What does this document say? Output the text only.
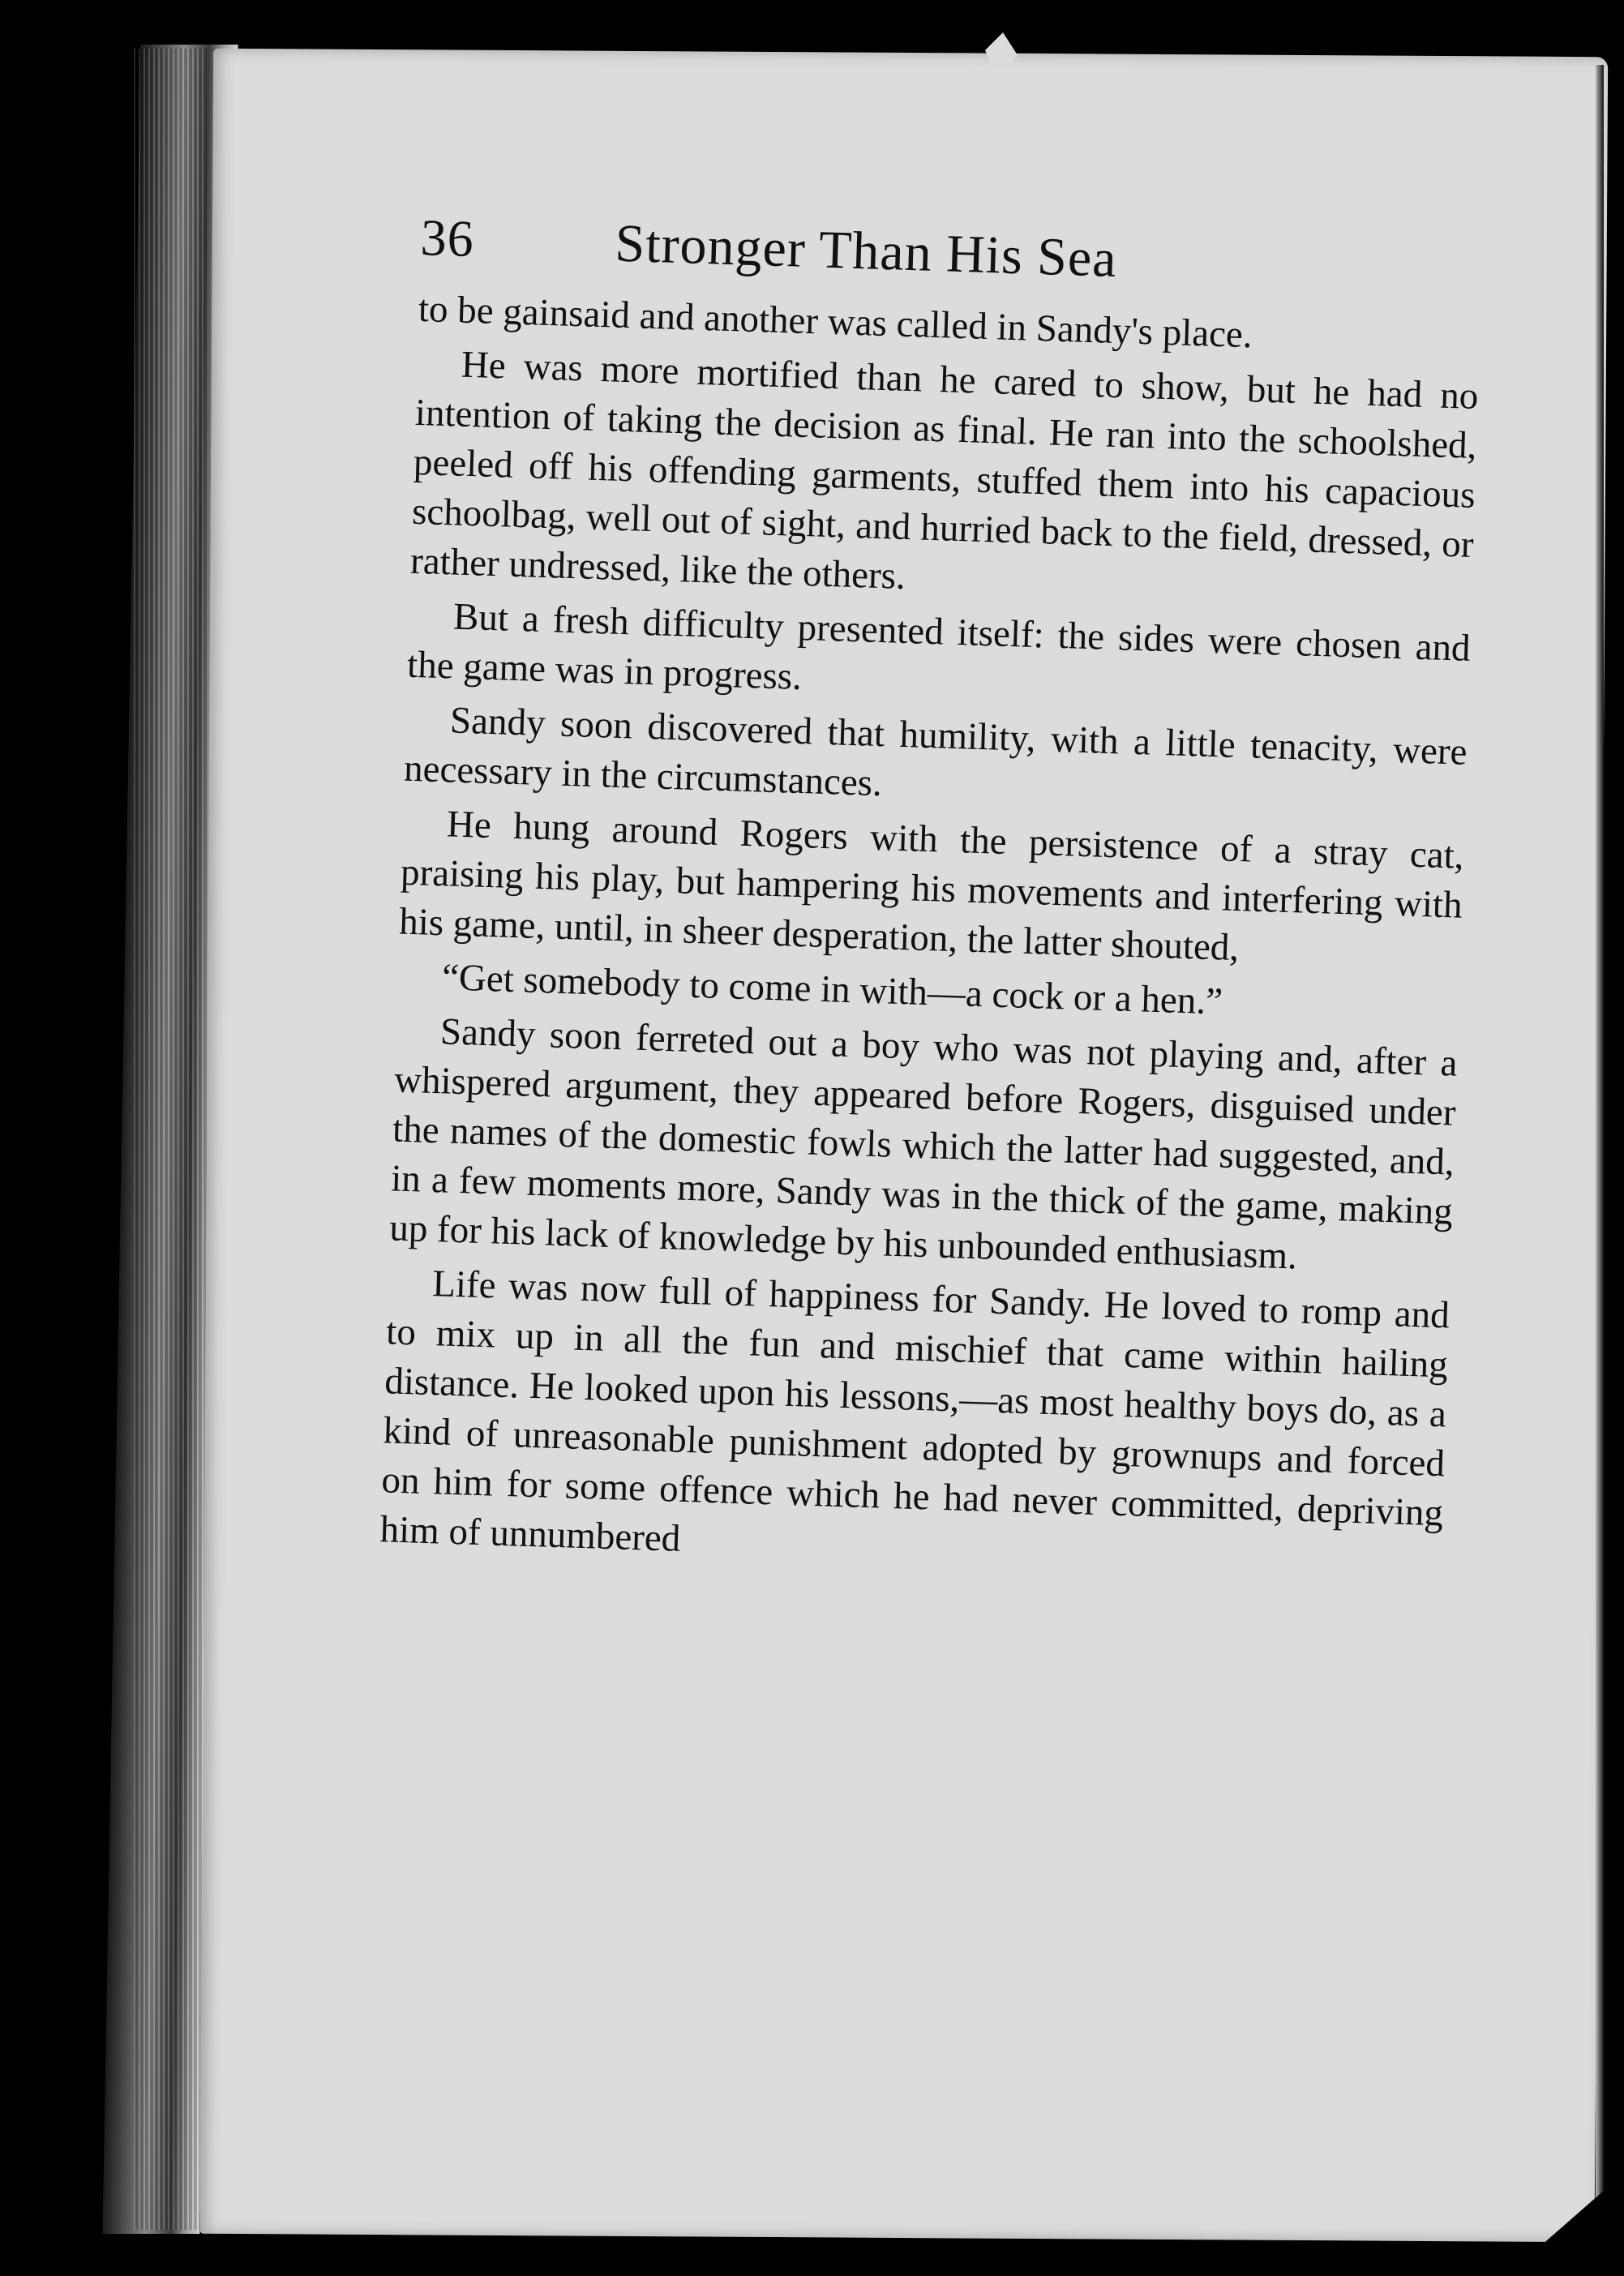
36	Stronger Than His Sea

to be gainsaid and another was called in Sandy's place.

He was more mortified than he cared to show, but he had no intention of taking the decision as final. He ran into the schoolshed, peeled off his offending garments, stuffed them into his capacious schoolbag, well out of sight, and hurried back to the field, dressed, or rather undressed, like the others.

But a fresh difficulty presented itself: the sides were chosen and the game was in progress.

Sandy soon discovered that humility, with a little tenacity, were necessary in the circumstances.

He hung around Rogers with the persistence of a stray cat, praising his play, but hampering his movements and interfering with his game, until, in sheer desperation, the latter shouted,

“Get somebody to come in with—a cock or a hen.”

Sandy soon ferreted out a boy who was not playing and, after a whispered argument, they appeared before Rogers, disguised under the names of the domestic fowls which the latter had suggested, and, in a few moments more, Sandy was in the thick of the game, making up for his lack of knowledge by his unbounded enthusiasm.

Life was now full of happiness for Sandy. He loved to romp and to mix up in all the fun and mischief that came within hailing distance. He looked upon his lessons,—as most healthy boys do, as a kind of unreasonable punishment adopted by grownups and forced on him for some offence which he had never committed, depriving him of unnumbered
